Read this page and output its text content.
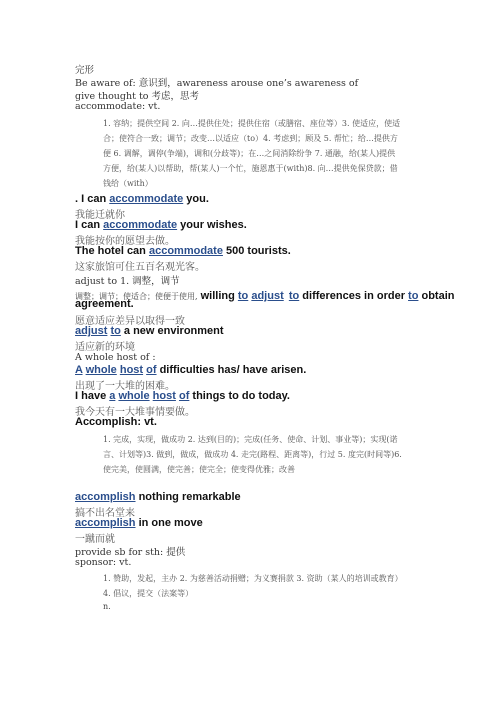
完形
Be aware of: 意识到，awareness arouse one’s awareness of
give thought to 考虑，思考
accommodate: vt.
1. 容纳；提供空间 2. 向…提供住处；提供住宿（或膳宿、座位等）3. 使适应，使适合；使符合一致；调节；改变…以适应（to）4. 考虑到；顾及 5. 帮忙；给…提供方便 6. 调解，调停(争端)，调和(分歧等)；在…之间消除纷争 7. 通融，给(某人)提供方便，给(某人)以帮助，帮(某人)一个忙，施恩惠于(with)8. 向…提供免保贷款；借钱给（with）
. I can accommodate you.
我能迁就你
I can accommodate your wishes.
我能按你的愿望去做。
The hotel can accommodate 500 tourists.
这家旅馆可住五百名观光客。
adjust to 1. 调整，调节
调整；调节；使适合；使便于使用, willing to adjust to differences in order to obtain
agreement.
愿意适应差异以取得一致
adjust to a new environment
适应新的环境
A whole host of :
A whole host of difficulties has/ have arisen.
出现了一大堆的困难。
I have a whole host of things to do today.
我今天有一大堆事情要做。
Accomplish: vt.
1. 完成，实现，做成功 2. 达到(目的)；完成(任务、使命、计划、事业等)；实现(诺言、计划等)3. 做到，做成，做成功 4. 走完(路程、距离等)，行过 5. 度完(时间等)6. 使完美，使圆满，使完善；使完全；使变得优雅；改善
accomplish nothing remarkable
搞不出名堂来
accomplish in one move
一蹴而就
provide sb for sth: 提供
sponsor: vt.
1. 赞助，发起，主办 2. 为慈善活动捐赠；为义赛捐款 3. 资助（某人的培训或教育）4. 倡议，提交（法案等）
n.
